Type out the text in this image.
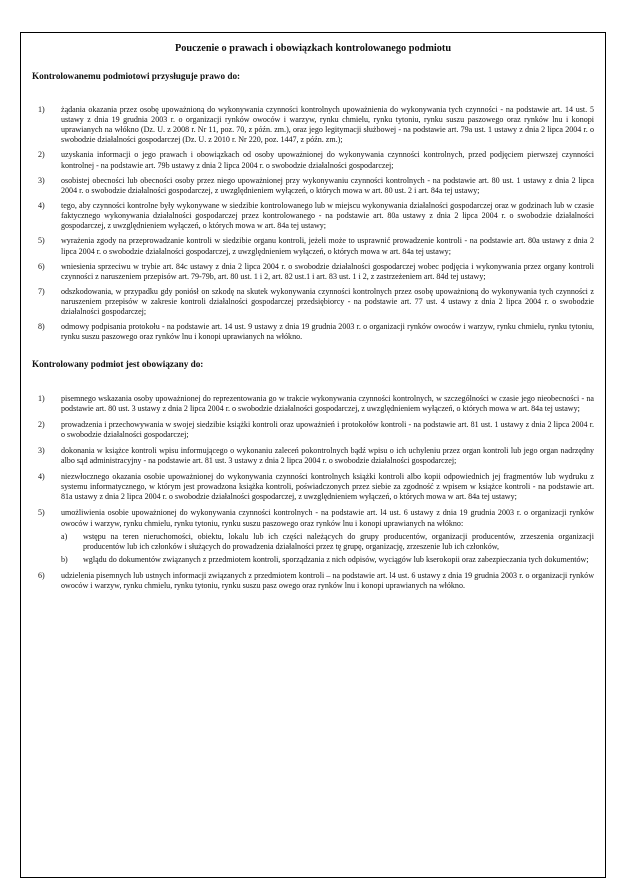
Pouczenie o prawach i obowiązkach kontrolowanego podmiotu
Kontrolowanemu podmiotowi przysługuje prawo do:
1) żądania okazania przez osobę upoważnioną do wykonywania czynności kontrolnych upoważnienia do wykonywania tych czynności - na podstawie art. 14 ust. 5 ustawy z dnia 19 grudnia 2003 r. o organizacji rynków owoców i warzyw, rynku chmielu, rynku tytoniu, rynku suszu paszowego oraz rynków lnu i konopi uprawianych na włókno (Dz. U. z 2008 r. Nr 11, poz. 70, z późn. zm.), oraz jego legitymacji służbowej - na podstawie art. 79a ust. 1 ustawy z dnia 2 lipca 2004 r. o swobodzie działalności gospodarczej (Dz. U. z 2010 r. Nr 220, poz. 1447, z późn. zm.);
2) uzyskania informacji o jego prawach i obowiązkach od osoby upoważnionej do wykonywania czynności kontrolnych, przed podjęciem pierwszej czynności kontrolnej - na podstawie art. 79b ustawy z dnia 2 lipca 2004 r. o swobodzie działalności gospodarczej;
3) osobistej obecności lub obecności osoby przez niego upoważnionej przy wykonywaniu czynności kontrolnych - na podstawie art. 80 ust. 1 ustawy z dnia 2 lipca 2004 r. o swobodzie działalności gospodarczej, z uwzględnieniem wyłączeń, o których mowa w art. 80 ust. 2 i art. 84a tej ustawy;
4) tego, aby czynności kontrolne były wykonywane w siedzibie kontrolowanego lub w miejscu wykonywania działalności gospodarczej oraz w godzinach lub w czasie faktycznego wykonywania działalności gospodarczej przez kontrolowanego - na podstawie art. 80a ustawy z dnia 2 lipca 2004 r. o swobodzie działalności gospodarczej, z uwzględnieniem wyłączeń, o których mowa w art. 84a tej ustawy;
5) wyrażenia zgody na przeprowadzanie kontroli w siedzibie organu kontroli, jeżeli może to usprawnić prowadzenie kontroli - na podstawie art. 80a ustawy z dnia 2 lipca 2004 r. o swobodzie działalności gospodarczej, z uwzględnieniem wyłączeń, o których mowa w art. 84a tej ustawy;
6) wniesienia sprzeciwu w trybie art. 84c ustawy z dnia 2 lipca 2004 r. o swobodzie działalności gospodarczej wobec podjęcia i wykonywania przez organy kontroli czynności z naruszeniem przepisów art. 79-79b, art. 80 ust. 1 i 2, art. 82 ust.1 i art. 83 ust. 1 i 2, z zastrzeżeniem art. 84d tej ustawy;
7) odszkodowania, w przypadku gdy poniósł on szkodę na skutek wykonywania czynności kontrolnych przez osobę upoważnioną do wykonywania tych czynności z naruszeniem przepisów w zakresie kontroli działalności gospodarczej przedsiębiorcy - na podstawie art. 77 ust. 4 ustawy z dnia 2 lipca 2004 r. o swobodzie działalności gospodarczej;
8) odmowy podpisania protokołu - na podstawie art. 14 ust. 9 ustawy z dnia 19 grudnia 2003 r. o organizacji rynków owoców i warzyw, rynku chmielu, rynku tytoniu, rynku suszu paszowego oraz rynków lnu i konopi uprawianych na włókno.
Kontrolowany podmiot jest obowiązany do:
1) pisemnego wskazania osoby upoważnionej do reprezentowania go w trakcie wykonywania czynności kontrolnych, w szczególności w czasie jego nieobecności - na podstawie art. 80 ust. 3 ustawy z dnia 2 lipca 2004 r. o swobodzie działalności gospodarczej, z uwzględnieniem wyłączeń, o których mowa w art. 84a tej ustawy;
2) prowadzenia i przechowywania w swojej siedzibie książki kontroli oraz upoważnień i protokołów kontroli - na podstawie art. 81 ust. 1 ustawy z dnia 2 lipca 2004 r. o swobodzie działalności gospodarczej;
3) dokonania w książce kontroli wpisu informującego o wykonaniu zaleceń pokontrolnych bądź wpisu o ich uchyleniu przez organ kontroli lub jego organ nadrzędny albo sąd administracyjny - na podstawie art. 81 ust. 3 ustawy z dnia 2 lipca 2004 r. o swobodzie działalności gospodarczej;
4) niezwłocznego okazania osobie upoważnionej do wykonywania czynności kontrolnych książki kontroli albo kopii odpowiednich jej fragmentów lub wydruku z systemu informatycznego, w którym jest prowadzona książka kontroli, poświadczonych przez siebie za zgodność z wpisem w książce kontroli - na podstawie art. 81a ustawy z dnia 2 lipca 2004 r. o swobodzie działalności gospodarczej, z uwzględnieniem wyłączeń, o których mowa w art. 84a tej ustawy;
5) umożliwienia osobie upoważnionej do wykonywania czynności kontrolnych - na podstawie art. l4 ust. 6 ustawy z dnia 19 grudnia 2003 r. o organizacji rynków owoców i warzyw, rynku chmielu, rynku tytoniu, rynku suszu paszowego oraz rynków lnu i konopi uprawianych na włókno:
a) wstępu na teren nieruchomości, obiektu, lokalu lub ich części należących do grupy producentów, organizacji producentów, zrzeszenia organizacji producentów lub ich członków i służących do prowadzenia działalności przez tę grupę, organizację, zrzeszenie lub ich członków,
b) wglądu do dokumentów związanych z przedmiotem kontroli, sporządzania z nich odpisów, wyciągów lub kserokopii oraz zabezpieczania tych dokumentów;
6) udzielenia pisemnych lub ustnych informacji związanych z przedmiotem kontroli – na podstawie art. l4 ust. 6 ustawy z dnia 19 grudnia 2003 r. o organizacji rynków owoców i warzyw, rynku chmielu, rynku tytoniu, rynku suszu pasz owego oraz rynków lnu i konopi uprawianych na włókno.
